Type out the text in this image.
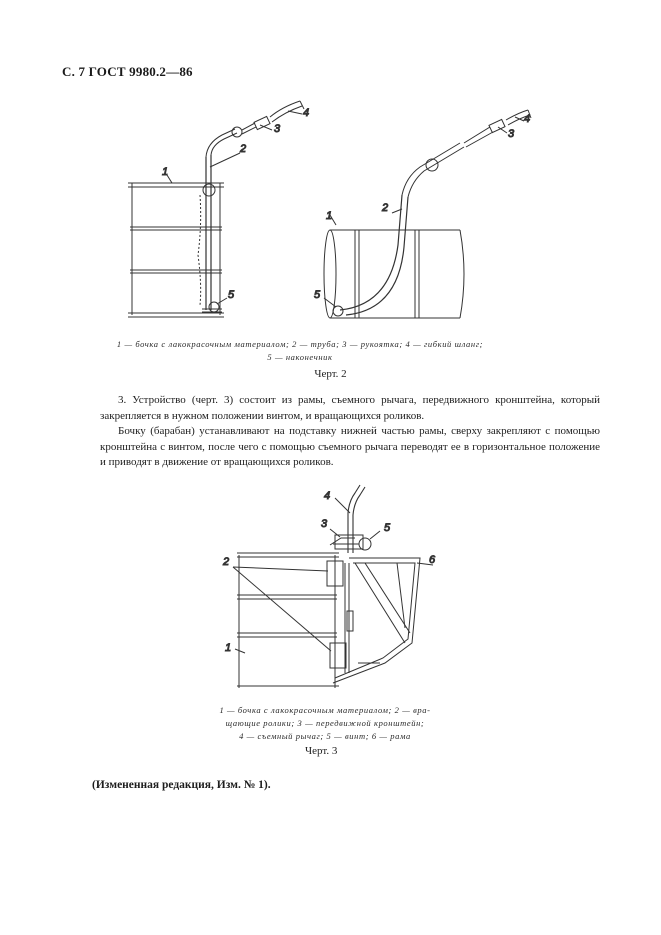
С. 7 ГОСТ 9980.2—86
1
2
3
4
5
1
2
3
4
5
1 — бочка с лакокрасочным материалом; 2 — труба; 3 — рукоятка; 4 — гибкий шланг;
5 — наконечник
Черт. 2

3. Устройство (черт. 3) состоит из рамы, съемного рычага, передвижного кронштейна, который закрепляется в нужном положении винтом, и вращающихся роликов.

Бочку (барабан) устанавливают на подставку нижней частью рамы, сверху закрепляют с помощью кронштейна с винтом, после чего с помощью съемного рычага переводят ее в горизонтальное положение и приводят в движение от вращающихся роликов.

4
3	5
2	6
1
1 — бочка с лакокрасочным материалом; 2 — вра-
щающие ролики; 3 — передвижной кронштейн;
4 — съемный рычаг; 5 — винт; 6 — рама
Черт. 3
(Измененная редакция, Изм. № 1).
